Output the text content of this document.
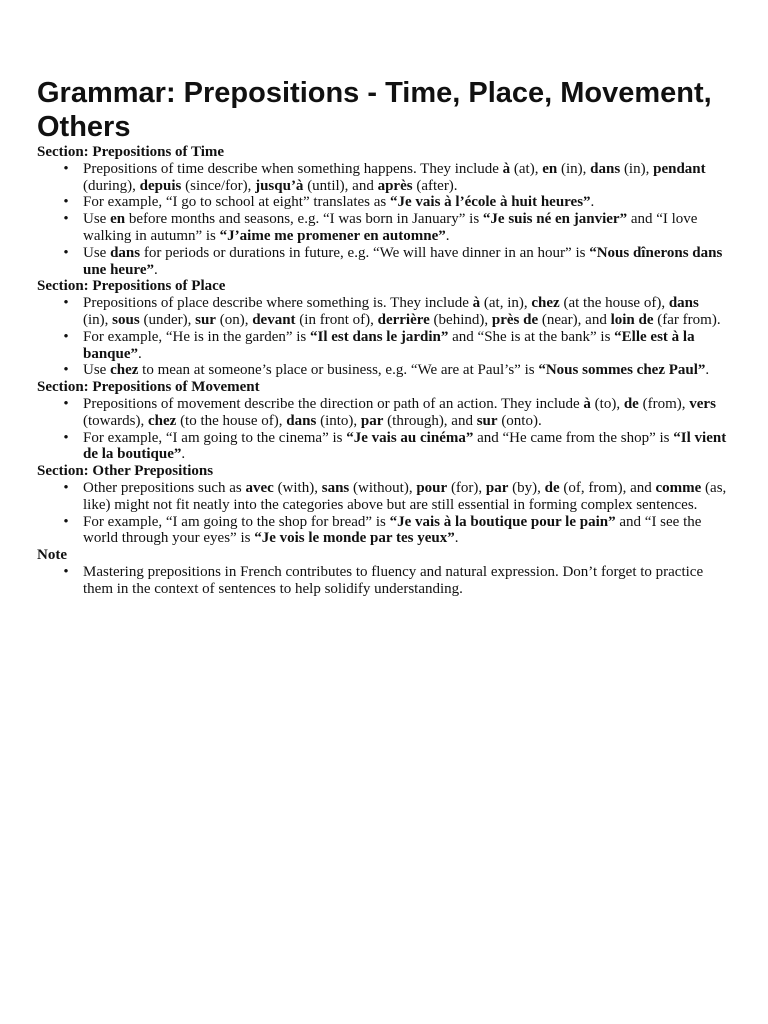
Grammar: Prepositions - Time, Place, Movement, Others
Section: Prepositions of Time
• Prepositions of time describe when something happens. They include à (at), en (in), dans (in), pendant (during), depuis (since/for), jusqu’à (until), and après (after).
• For example, “I go to school at eight” translates as “Je vais à l’école à huit heures”.
• Use en before months and seasons, e.g. “I was born in January” is “Je suis né en janvier” and “I love walking in autumn” is “J’aime me promener en automne”.
• Use dans for periods or durations in future, e.g. “We will have dinner in an hour” is “Nous dînerons dans une heure”.
Section: Prepositions of Place
• Prepositions of place describe where something is. They include à (at, in), chez (at the house of), dans (in), sous (under), sur (on), devant (in front of), derrière (behind), près de (near), and loin de (far from).
• For example, “He is in the garden” is “Il est dans le jardin” and “She is at the bank” is “Elle est à la banque”.
• Use chez to mean at someone’s place or business, e.g. “We are at Paul’s” is “Nous sommes chez Paul”.
Section: Prepositions of Movement
• Prepositions of movement describe the direction or path of an action. They include à (to), de (from), vers (towards), chez (to the house of), dans (into), par (through), and sur (onto).
• For example, “I am going to the cinema” is “Je vais au cinéma” and “He came from the shop” is “Il vient de la boutique”.
Section: Other Prepositions
• Other prepositions such as avec (with), sans (without), pour (for), par (by), de (of, from), and comme (as, like) might not fit neatly into the categories above but are still essential in forming complex sentences.
• For example, “I am going to the shop for bread” is “Je vais à la boutique pour le pain” and “I see the world through your eyes” is “Je vois le monde par tes yeux”.
Note
• Mastering prepositions in French contributes to fluency and natural expression. Don’t forget to practice them in the context of sentences to help solidify understanding.
